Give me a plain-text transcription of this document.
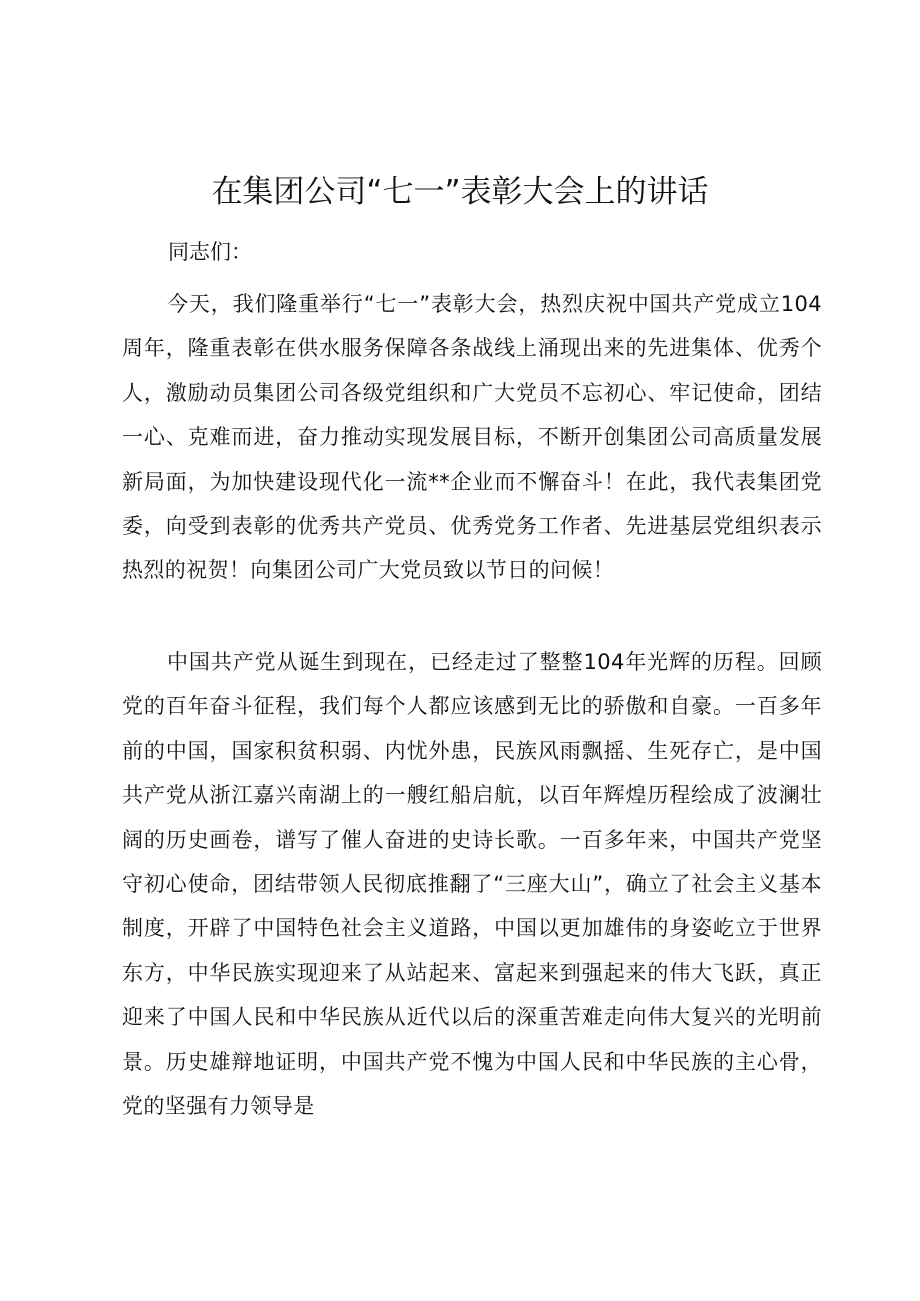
在集团公司“七一”表彰大会上的讲话

同志们：

今天，我们隆重举行“七一”表彰大会，热烈庆祝中国共产党成立104周年，隆重表彰在供水服务保障各条战线上涌现出来的先进集体、优秀个人，激励动员集团公司各级党组织和广大党员不忘初心、牢记使命，团结一心、克难而进，奋力推动实现发展目标，不断开创集团公司高质量发展新局面，为加快建设现代化一流**企业而不懈奋斗！在此，我代表集团党委，向受到表彰的优秀共产党员、优秀党务工作者、先进基层党组织表示热烈的祝贺！向集团公司广大党员致以节日的问候！

中国共产党从诞生到现在，已经走过了整整104年光辉的历程。回顾党的百年奋斗征程，我们每个人都应该感到无比的骄傲和自豪。一百多年前的中国，国家积贫积弱、内忧外患，民族风雨飘摇、生死存亡，是中国共产党从浙江嘉兴南湖上的一艘红船启航，以百年辉煌历程绘成了波澜壮阔的历史画卷，谱写了催人奋进的史诗长歌。一百多年来，中国共产党坚守初心使命，团结带领人民彻底推翻了“三座大山”，确立了社会主义基本制度，开辟了中国特色社会主义道路，中国以更加雄伟的身姿屹立于世界东方，中华民族实现迎来了从站起来、富起来到强起来的伟大飞跃，真正迎来了中国人民和中华民族从近代以后的深重苦难走向伟大复兴的光明前景。历史雄辩地证明，中国共产党不愧为中国人民和中华民族的主心骨，党的坚强有力领导是
